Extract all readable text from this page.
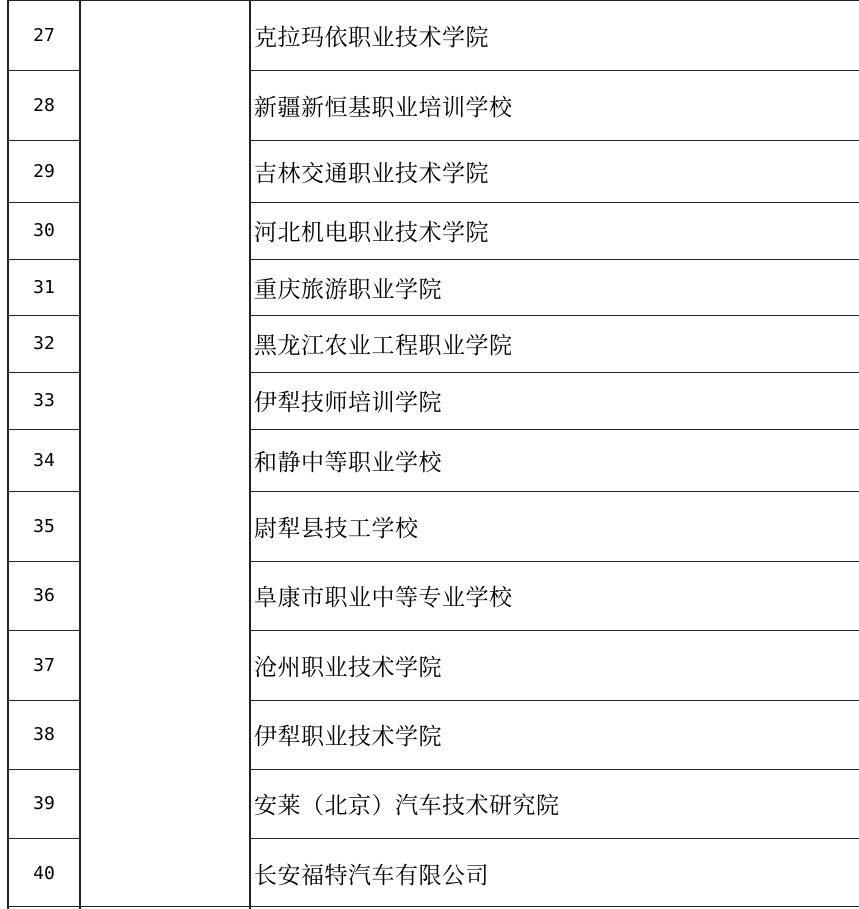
27	克拉玛依职业技术学院
28	新疆新恒基职业培训学校
29	吉林交通职业技术学院
30	河北机电职业技术学院
31	重庆旅游职业学院
32	黑龙江农业工程职业学院
33	伊犁技师培训学院
34	和静中等职业学校
35	尉犁县技工学校
36	阜康市职业中等专业学校
37	沧州职业技术学院
38	伊犁职业技术学院
39	安莱（北京）汽车技术研究院
40	长安福特汽车有限公司
